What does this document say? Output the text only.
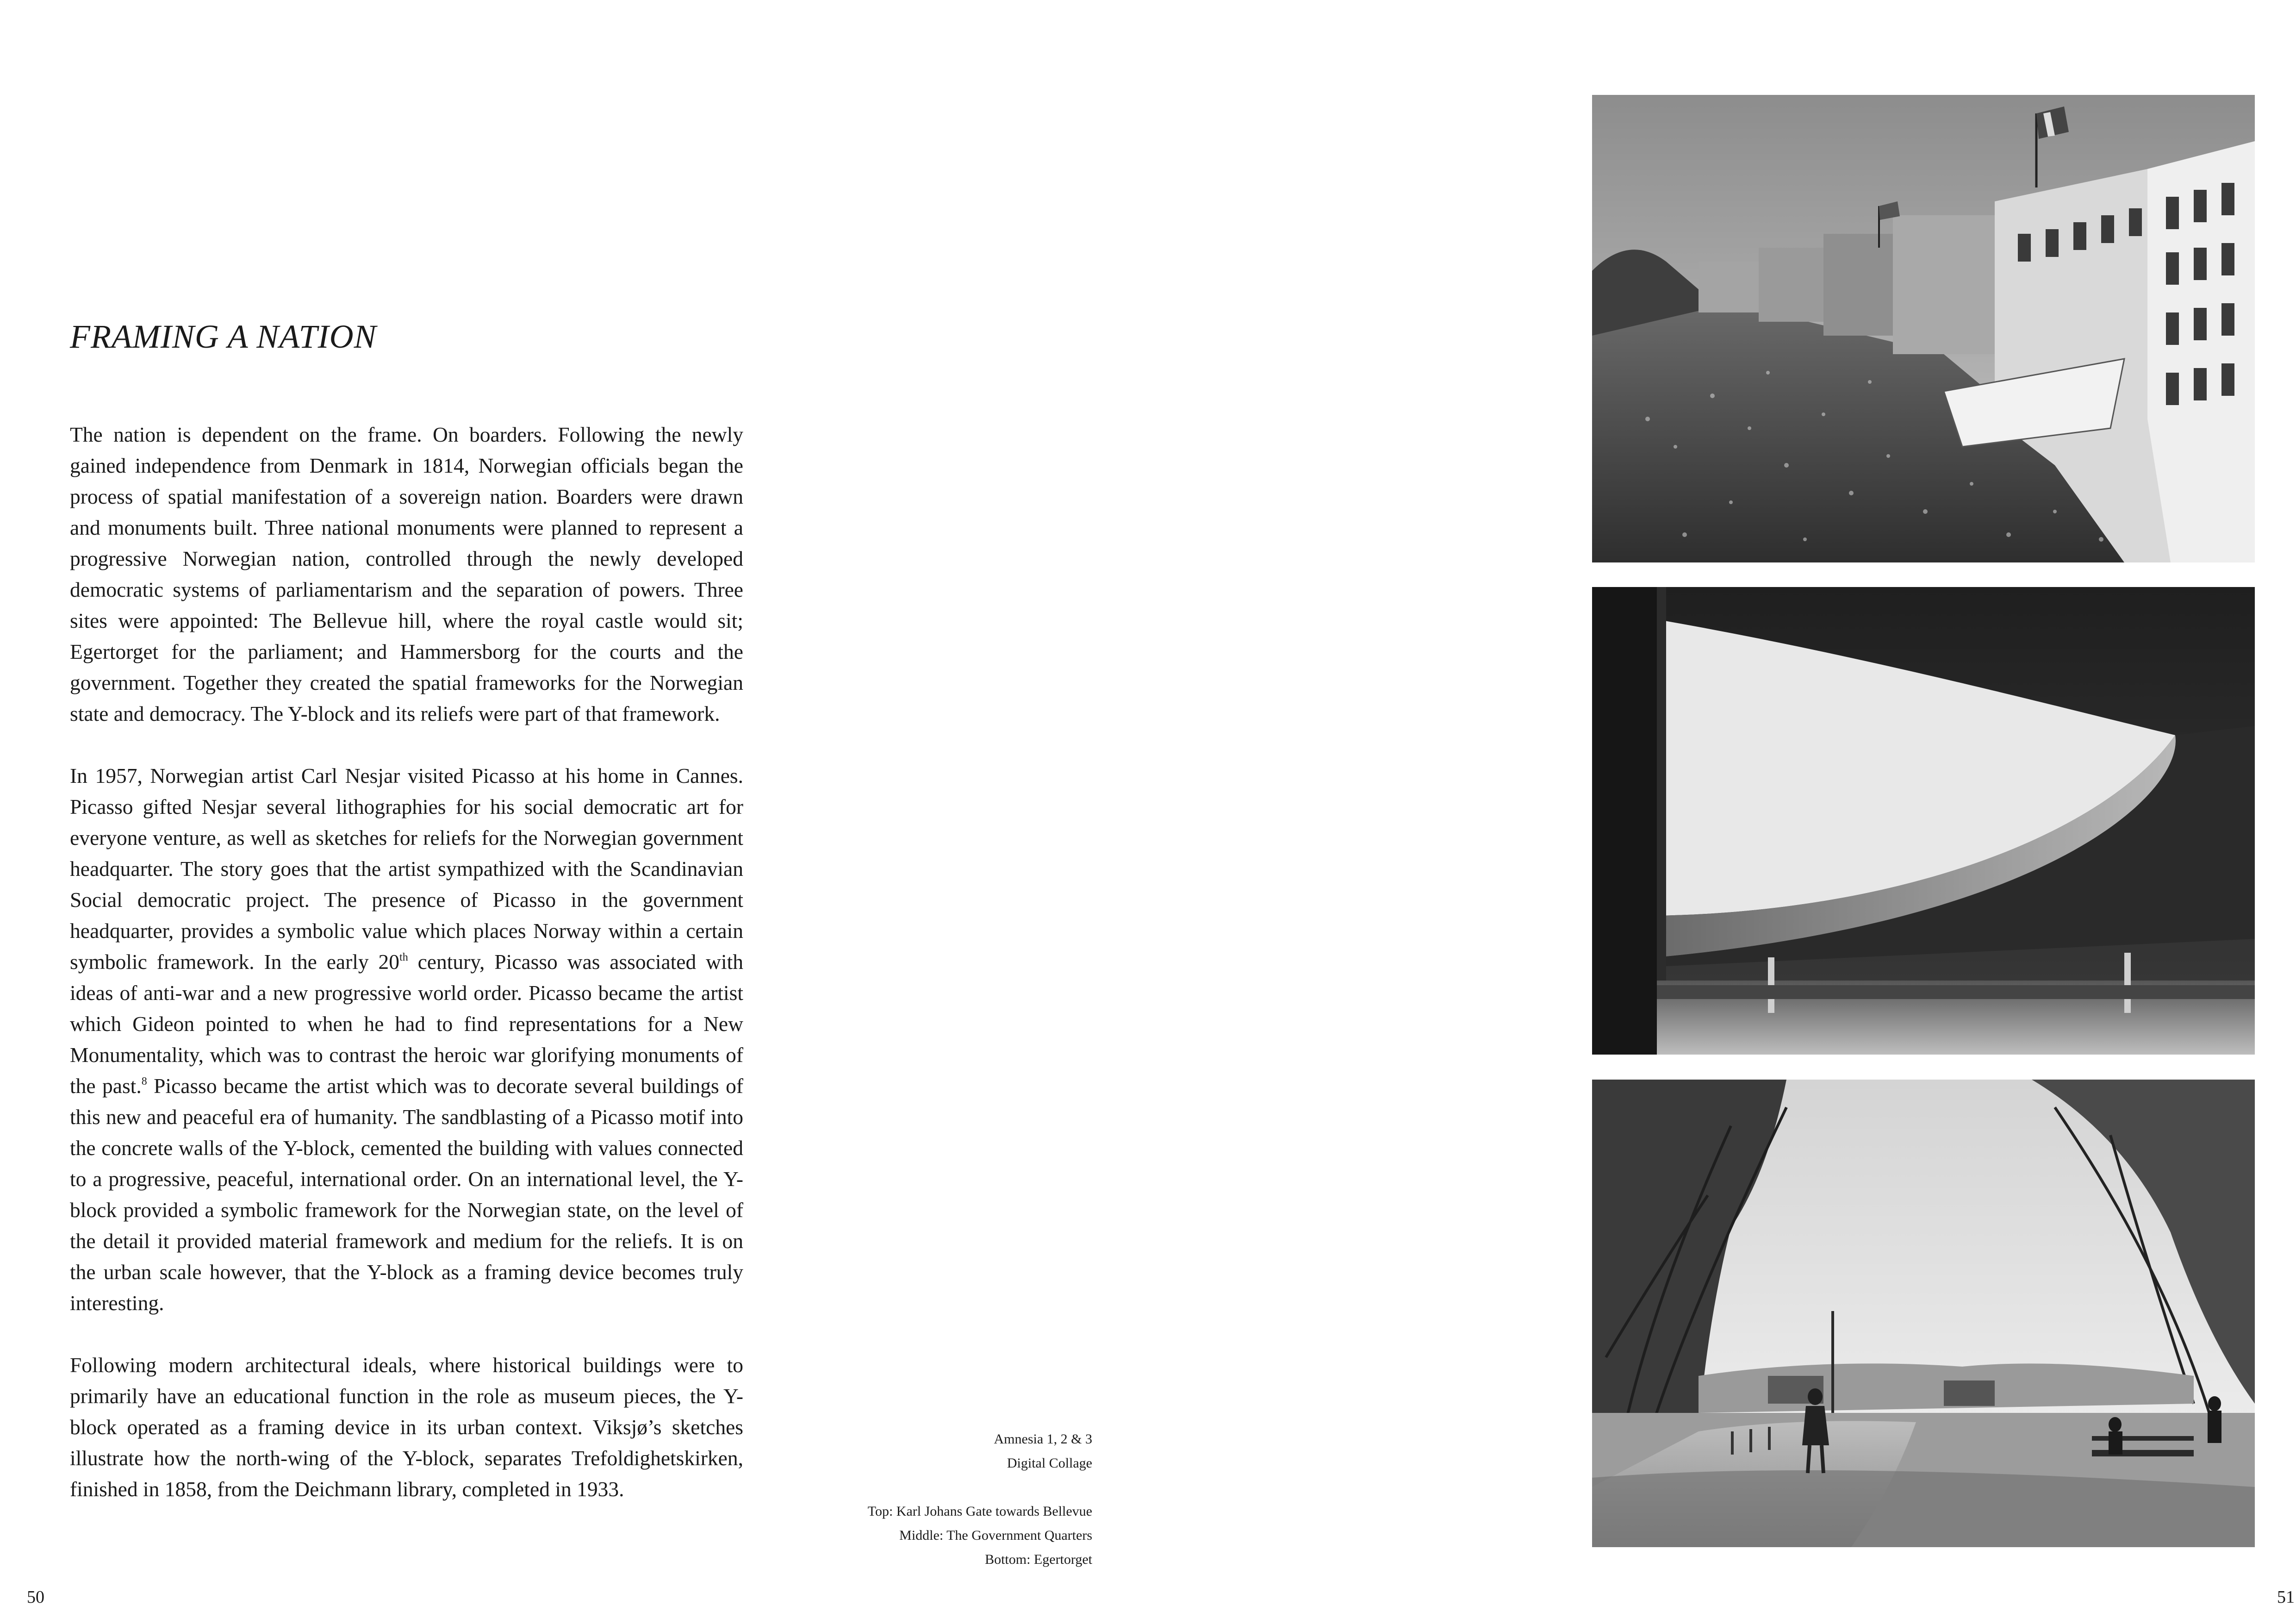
FRAMING A NATION

The nation is dependent on the frame. On boarders. Following the newly gained independence from Denmark in 1814, Norwegian officials began the process of spatial manifestation of a sovereign nation. Boarders were drawn and monuments built. Three national monuments were planned to represent a progressive Norwegian nation, controlled through the newly developed democratic systems of parliamentarism and the separation of powers. Three sites were appointed: The Bellevue hill, where the royal castle would sit; Egertorget for the parliament; and Hammersborg for the courts and the government. Together they created the spatial frameworks for the Norwegian state and democracy. The Y-block and its reliefs were part of that framework.

In 1957, Norwegian artist Carl Nesjar visited Picasso at his home in Cannes. Picasso gifted Nesjar several lithographies for his social democratic art for everyone venture, as well as sketches for reliefs for the Norwegian government headquarter. The story goes that the artist sympathized with the Scandinavian Social democratic project. The presence of Picasso in the government headquarter, provides a symbolic value which places Norway within a certain symbolic framework. In the early 20th century, Picasso was associated with ideas of anti-war and a new progressive world order. Picasso became the artist which Gideon pointed to when he had to find representations for a New Monumentality, which was to contrast the heroic war glorifying monuments of the past.$^8$ Picasso became the artist which was to decorate several buildings of this new and peaceful era of humanity. The sandblasting of a Picasso motif into the concrete walls of the Y-block, cemented the building with values connected to a progressive, peaceful, international order. On an international level, the Y-block provided a symbolic framework for the Norwegian state, on the level of the detail it provided material framework and medium for the reliefs. It is on the urban scale however, that the Y-block as a framing device becomes truly interesting.

Following modern architectural ideals, where historical buildings were to primarily have an educational function in the role as museum pieces, the Y-block operated as a framing device in its urban context. Viksjø’s sketches illustrate how the north-wing of the Y-block, separates Trefoldighetskirken, finished in 1858, from the Deichmann library, completed in 1933.

50
Amnesia 1, 2 & 3
Digital Collage
Top: Karl Johans Gate towards Bellevue
Middle: The Government Quarters
Bottom: Egertorget
51
